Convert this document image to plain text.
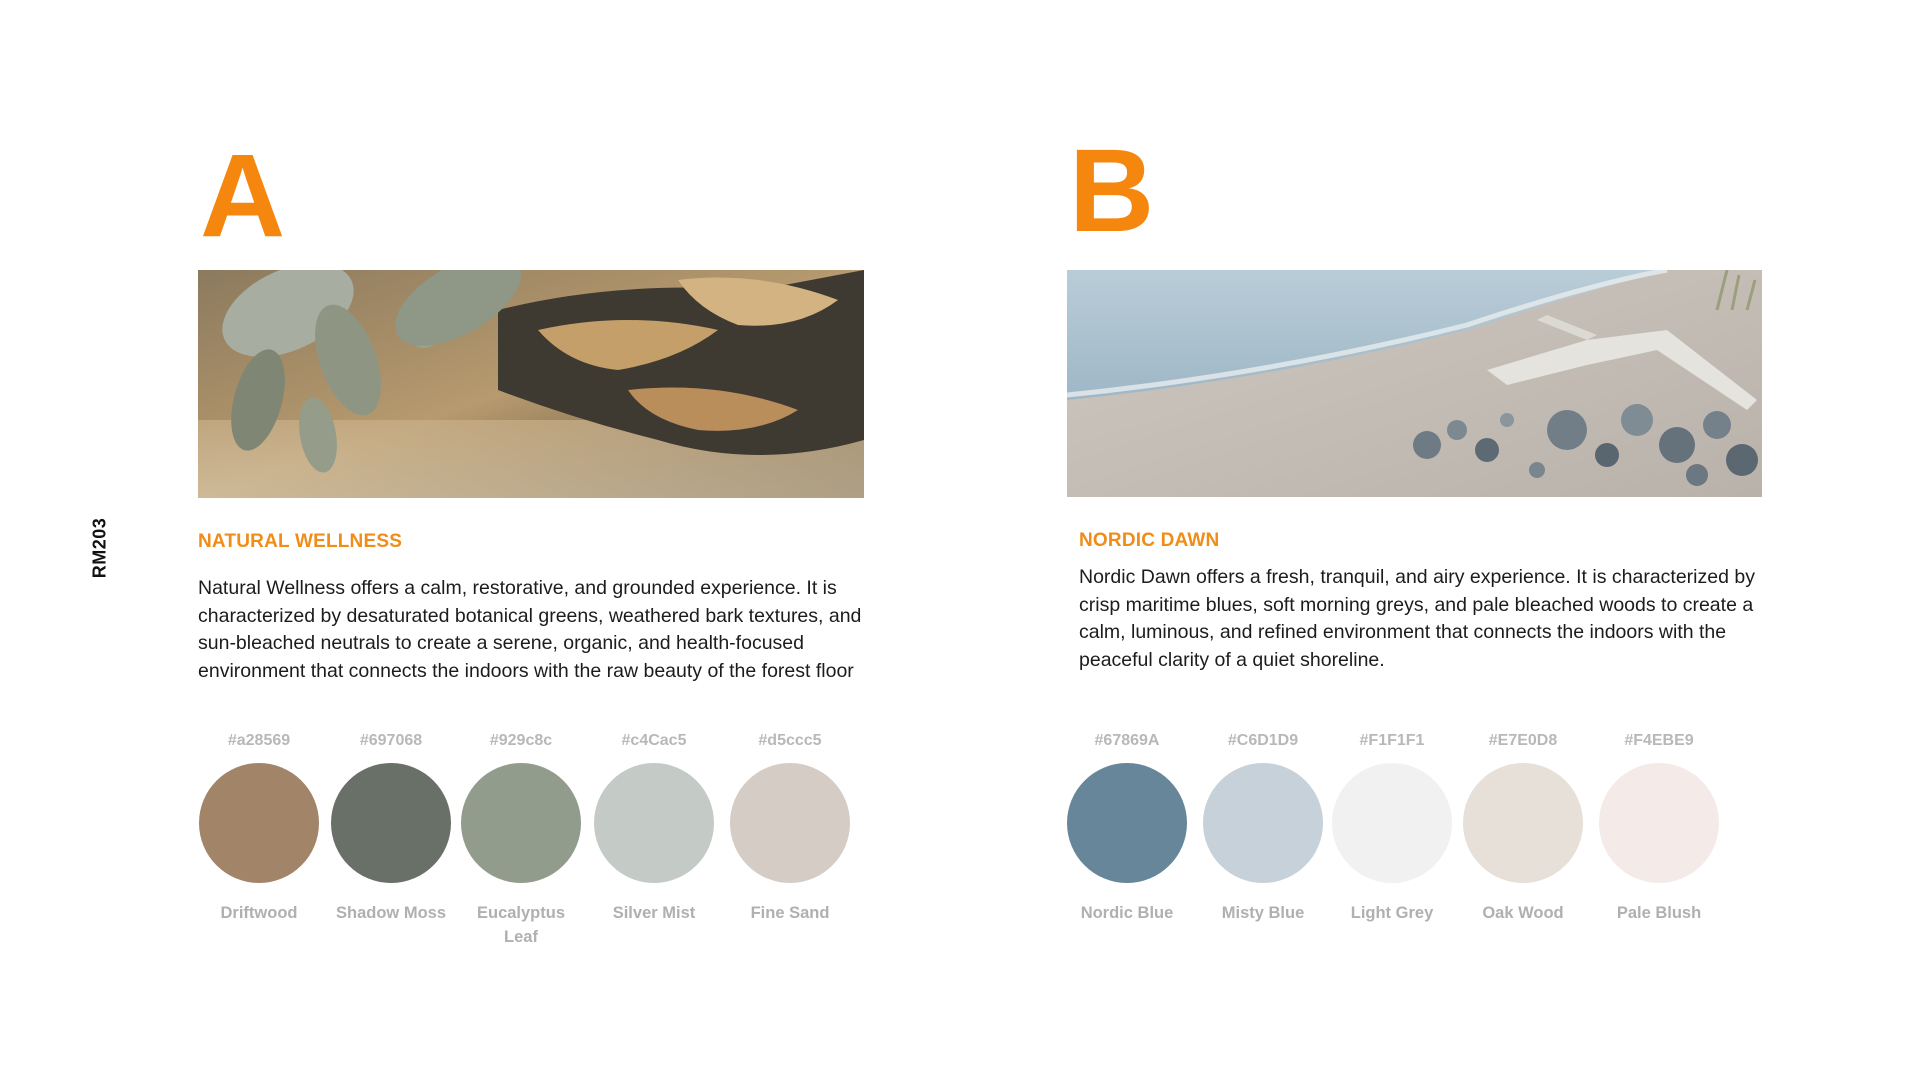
RM203
A
NATURAL WELLNESS
Natural Wellness offers a calm, restorative, and grounded experience. It is characterized by desaturated botanical greens, weathered bark textures, and sun-bleached neutrals to create a serene, organic, and health-focused environment that connects the indoors with the raw beauty of the forest floor
#a28569
Driftwood
#697068
Shadow Moss
#929c8c
Eucalyptus Leaf
#c4Cac5
Silver Mist
#d5ccc5
Fine Sand
B
NORDIC DAWN
Nordic Dawn offers a fresh, tranquil, and airy experience. It is characterized by crisp maritime blues, soft morning greys, and pale bleached woods to create a calm, luminous, and refined environment that connects the indoors with the peaceful clarity of a quiet shoreline.
#67869A
Nordic Blue
#C6D1D9
Misty Blue
#F1F1F1
Light Grey
#E7E0D8
Oak Wood
#F4EBE9
Pale Blush
